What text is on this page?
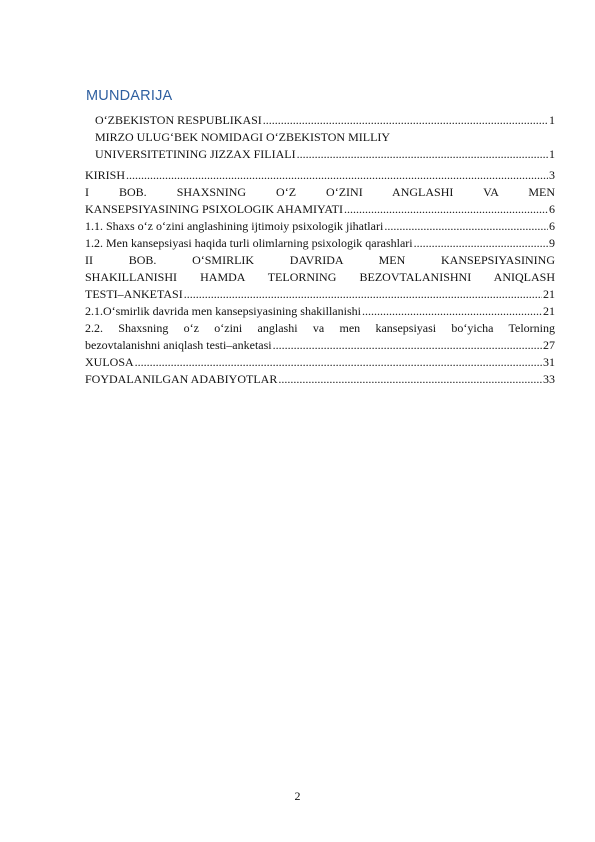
MUNDARIJA
O‘ZBEKISTON RESPUBLIKASI .....	1
MIRZO ULUG‘BEK NOMIDAGI O‘ZBEKISTON MILLIY
UNIVERSITETINING JIZZAX FILIALI .....	1
KIRISH .....	3
I BOB. SHAXSNING O‘Z O‘ZINI ANGLASHI VA MEN
KANSEPSIYASINING PSIXOLOGIK AHAMIYATI .....	6
1.1. Shaxs o‘z o‘zini anglashining ijtimoiy psixologik jihatlari .....	6
1.2. Men kansepsiyasi haqida turli olimlarning psixologik qarashlari .....	9
II BOB. O‘SMIRLIK DAVRIDA MEN KANSEPSIYASINING
SHAKILLANISHI HAMDA TELORNING BEZOVTALANISHNI ANIQLASH
TESTI–ANKETASI .....	21
2.1.O‘smirlik davrida men kansepsiyasining shakillanishi .....	21
2.2. Shaxsning o‘z o‘zini anglashi va men kansepsiyasi bo‘yicha Telorning
bezovtalanishni aniqlash testi–anketasi .....	27
XULOSA .....	31
FOYDALANILGAN ADABIYOTLAR .....	33
2
